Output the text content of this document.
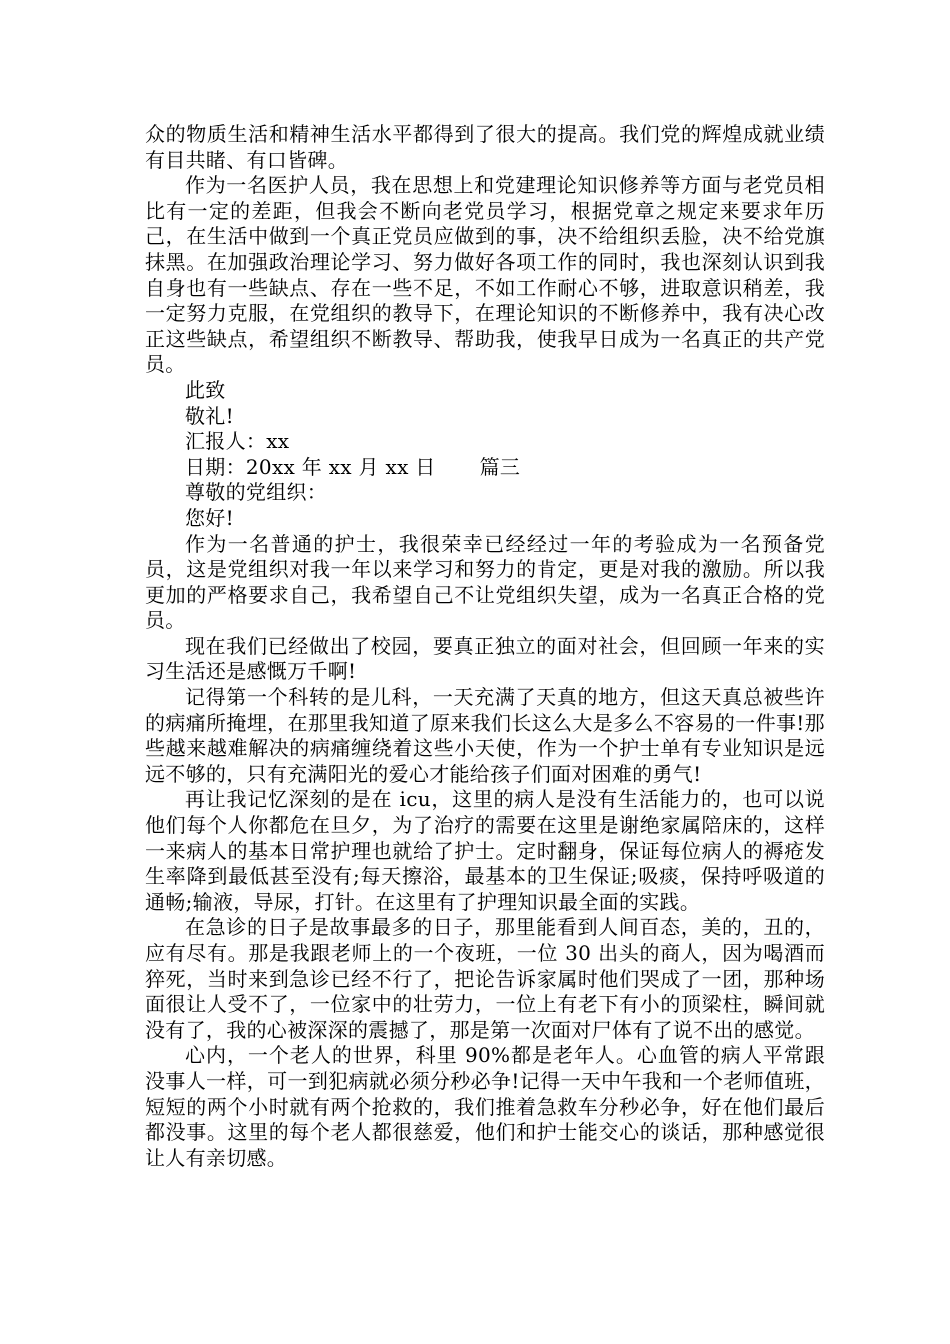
众的物质生活和精神生活水平都得到了很大的提高。我们党的辉煌成就业绩有目共睹、有口皆碑。

作为一名医护人员，我在思想上和党建理论知识修养等方面与老党员相比有一定的差距，但我会不断向老党员学习，根据党章之规定来要求年历己，在生活中做到一个真正党员应做到的事，决不给组织丢脸，决不给党旗抹黑。在加强政治理论学习、努力做好各项工作的同时，我也深刻认识到我自身也有一些缺点、存在一些不足，不如工作耐心不够，进取意识稍差，我一定努力克服，在党组织的教导下，在理论知识的不断修养中，我有决心改正这些缺点，希望组织不断教导、帮助我，使我早日成为一名真正的共产党员。

此致

敬礼!

汇报人：xx

日期：20xx 年 xx 月 xx 日 篇三

尊敬的党组织：

您好!

作为一名普通的护士，我很荣幸已经经过一年的考验成为一名预备党员，这是党组织对我一年以来学习和努力的肯定，更是对我的激励。所以我更加的严格要求自己，我希望自己不让党组织失望，成为一名真正合格的党员。

现在我们已经做出了校园，要真正独立的面对社会，但回顾一年来的实习生活还是感慨万千啊!

记得第一个科转的是儿科，一天充满了天真的地方，但这天真总被些许的病痛所掩埋，在那里我知道了原来我们长这么大是多么不容易的一件事!那些越来越难解决的病痛缠绕着这些小天使，作为一个护士单有专业知识是远远不够的，只有充满阳光的爱心才能给孩子们面对困难的勇气!

再让我记忆深刻的是在 icu，这里的病人是没有生活能力的，也可以说他们每个人你都危在旦夕，为了治疗的需要在这里是谢绝家属陪床的，这样一来病人的基本日常护理也就给了护士。定时翻身，保证每位病人的褥疮发生率降到最低甚至没有;每天擦浴，最基本的卫生保证;吸痰，保持呼吸道的通畅;输液，导尿，打针。在这里有了护理知识最全面的实践。

在急诊的日子是故事最多的日子，那里能看到人间百态，美的，丑的，应有尽有。那是我跟老师上的一个夜班，一位 30 出头的商人，因为喝酒而猝死，当时来到急诊已经不行了，把论告诉家属时他们哭成了一团，那种场面很让人受不了，一位家中的壮劳力，一位上有老下有小的顶梁柱，瞬间就没有了，我的心被深深的震撼了，那是第一次面对尸体有了说不出的感觉。

心内，一个老人的世界，科里 90%都是老年人。心血管的病人平常跟没事人一样，可一到犯病就必须分秒必争!记得一天中午我和一个老师值班，短短的两个小时就有两个抢救的，我们推着急救车分秒必争，好在他们最后都没事。这里的每个老人都很慈爱，他们和护士能交心的谈话，那种感觉很让人有亲切感。
